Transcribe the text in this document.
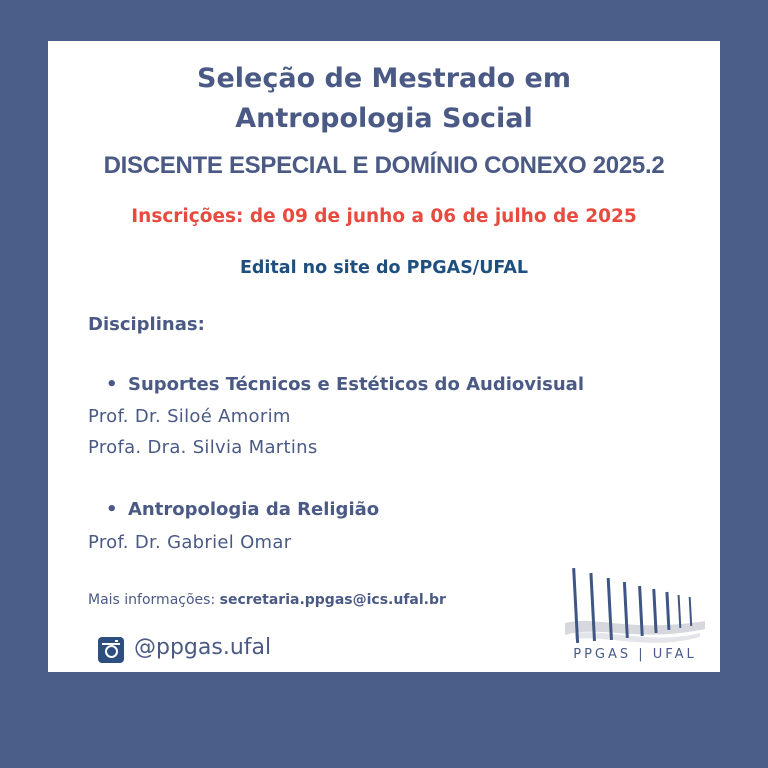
Seleção de Mestrado em
Antropologia Social
DISCENTE ESPECIAL E DOMÍNIO CONEXO 2025.2
Inscrições: de 09 de junho a 06 de julho de 2025
Edital no site do PPGAS/UFAL
Disciplinas:
• Suportes Técnicos e Estéticos do Audiovisual
Prof. Dr. Siloé Amorim
Profa. Dra. Silvia Martins
• Antropologia da Religião
Prof. Dr. Gabriel Omar
Mais informações: secretaria.ppgas@ics.ufal.br
@ppgas.ufal	PPGAS | UFAL
